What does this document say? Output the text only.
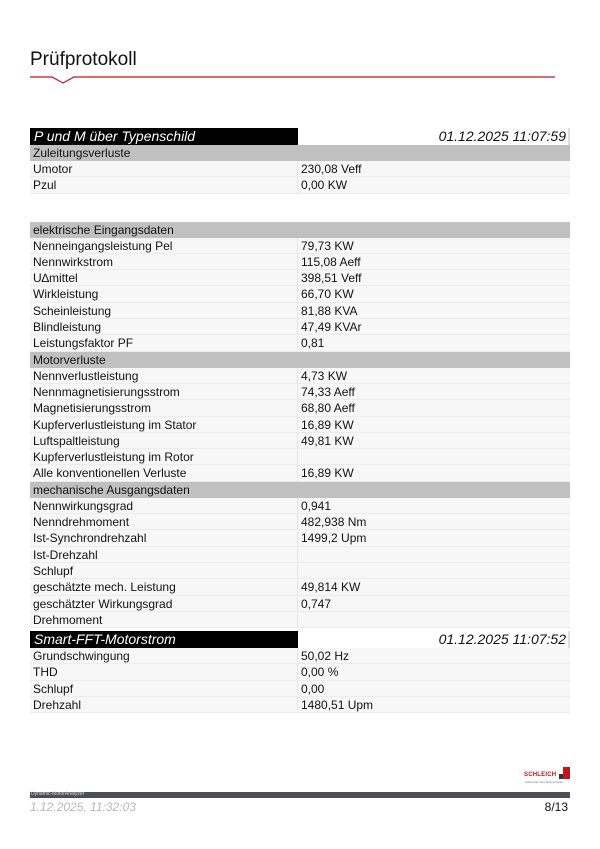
Prüfprotokoll
P und M über Typenschild	01.12.2025 11:07:59
Zuleitungsverluste
Umotor	230,08 Veff
Pzul	0,00 KW
elektrische Eingangsdaten
Nenneingangsleistung Pel	79,73 KW
Nennwirkstrom	115,08 Aeff
U∆mittel	398,51 Veff
Wirkleistung	66,70 KW
Scheinleistung	81,88 KVA
Blindleistung	47,49 KVAr
Leistungsfaktor PF	0,81
Motorverluste
Nennverlustleistung	4,73 KW
Nennmagnetisierungsstrom	74,33 Aeff
Magnetisierungsstrom	68,80 Aeff
Kupferverlustleistung im Stator	16,89 KW
Luftspaltleistung	49,81 KW
Kupferverlustleistung im Rotor
Alle konventionellen Verluste	16,89 KW
mechanische Ausgangsdaten
Nennwirkungsgrad	0,941
Nenndrehmoment	482,938 Nm
Ist-Synchrondrehzahl	1499,2 Upm
Ist-Drehzahl
Schlupf
geschätzte mech. Leistung	49,814 KW
geschätzter Wirkungsgrad	0,747
Drehmoment
Smart-FFT-Motorstrom	01.12.2025 11:07:52
Grundschwingung	50,02 Hz
THD	0,00 %
Schlupf	0,00
Drehzahl	1480,51 Upm
SCHLEICH
Advanced Test Technologies
Dynamic-MotorAnalyzer
1.12.2025, 11:32:03	8/13
